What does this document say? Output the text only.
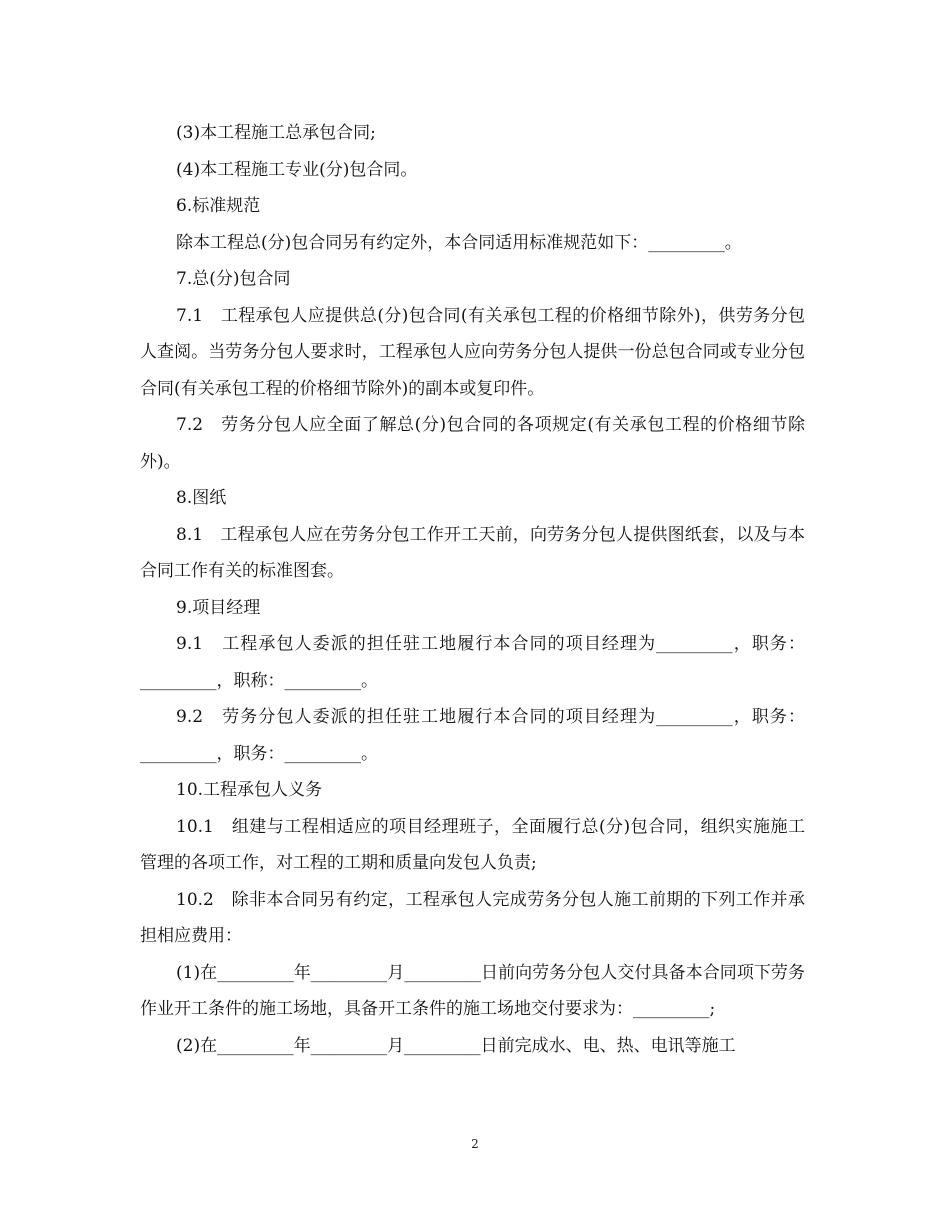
(3)本工程施工总承包合同;

(4)本工程施工专业(分)包合同。

6.标准规范

除本工程总(分)包合同另有约定外，本合同适用标准规范如下：_________。

7.总(分)包合同

7.1　工程承包人应提供总(分)包合同(有关承包工程的价格细节除外)，供劳务分包人查阅。当劳务分包人要求时，工程承包人应向劳务分包人提供一份总包合同或专业分包合同(有关承包工程的价格细节除外)的副本或复印件。

7.2　劳务分包人应全面了解总(分)包合同的各项规定(有关承包工程的价格细节除外)。

8.图纸

8.1　工程承包人应在劳务分包工作开工天前，向劳务分包人提供图纸套，以及与本合同工作有关的标准图套。

9.项目经理

9.1　工程承包人委派的担任驻工地履行本合同的项目经理为_________，职务：_________，职称：_________。

9.2　劳务分包人委派的担任驻工地履行本合同的项目经理为_________，职务：_________，职务：_________。

10.工程承包人义务

10.1　组建与工程相适应的项目经理班子，全面履行总(分)包合同，组织实施施工管理的各项工作，对工程的工期和质量向发包人负责;

10.2　除非本合同另有约定，工程承包人完成劳务分包人施工前期的下列工作并承担相应费用：

(1)在_________年_________月_________日前向劳务分包人交付具备本合同项下劳务作业开工条件的施工场地，具备开工条件的施工场地交付要求为：_________;

(2)在_________年_________月_________日前完成水、电、热、电讯等施工

2
